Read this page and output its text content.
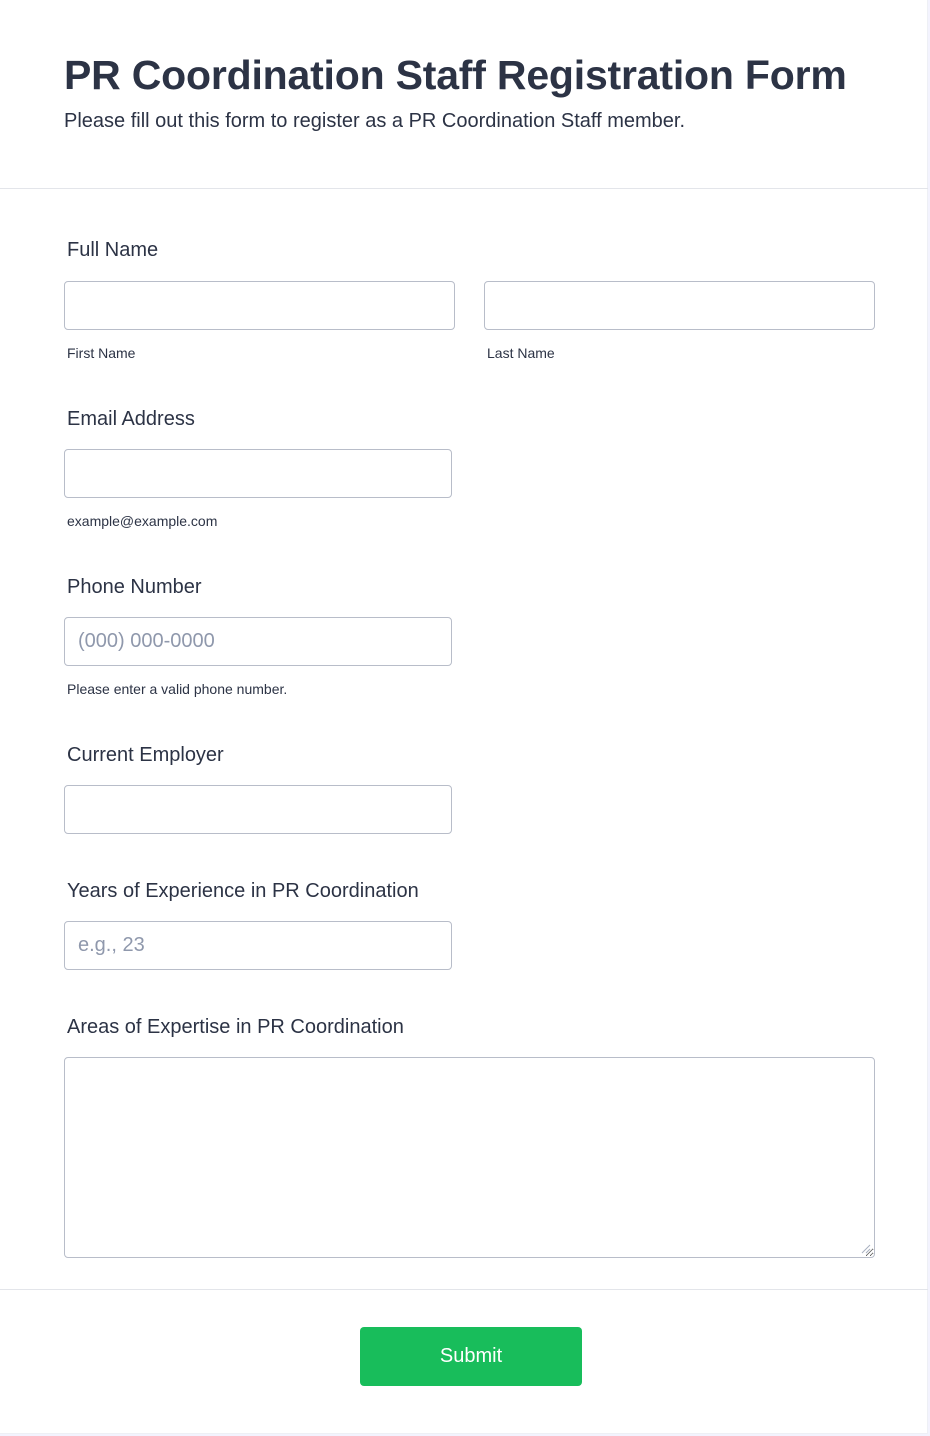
PR Coordination Staff Registration Form

Please fill out this form to register as a PR Coordination Staff member.

Full Name
First Name	Last Name
Email Address
example@example.com
Phone Number
(000) 000-0000
Please enter a valid phone number.
Current Employer
Years of Experience in PR Coordination
e.g., 23
Areas of Expertise in PR Coordination
Submit
